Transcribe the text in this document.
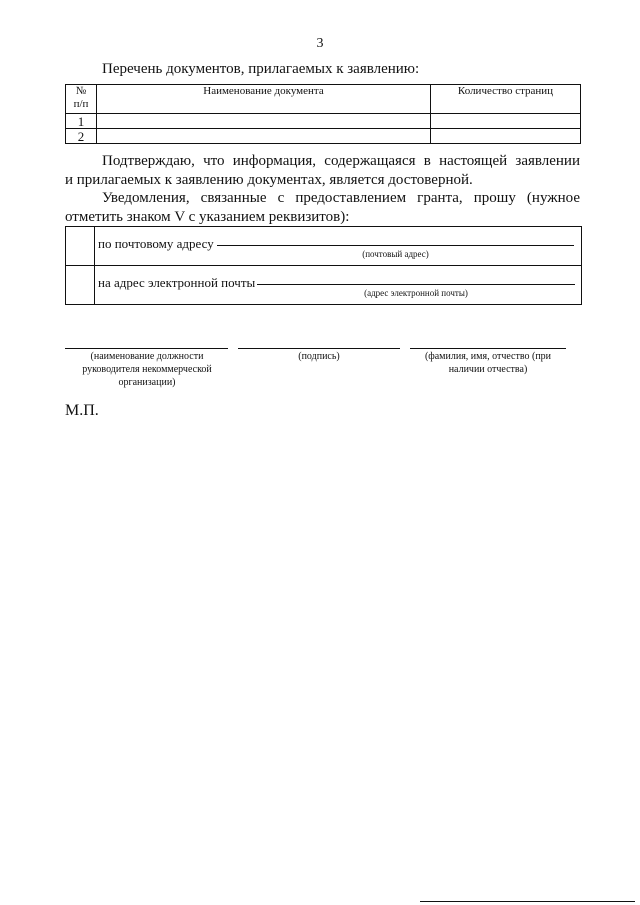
3
Перечень документов, прилагаемых к заявлению:
№
п/п	Наименование документа	Количество страниц
1		
2		
Подтверждаю, что информация, содержащаяся в настоящей заявлении
и прилагаемых к заявлению документах, является достоверной.
Уведомления, связанные с предоставлением гранта, прошу (нужное
отметить знаком V с указанием реквизитов):

	по почтовому адресу
(почтовый адрес)

	на адрес электронной почты
(адрес электронной почты)
(наименование должности руководителя некоммерческой организации)
(подпись)	(фамилия, имя, отчество (при наличии отчества)
М.П.
